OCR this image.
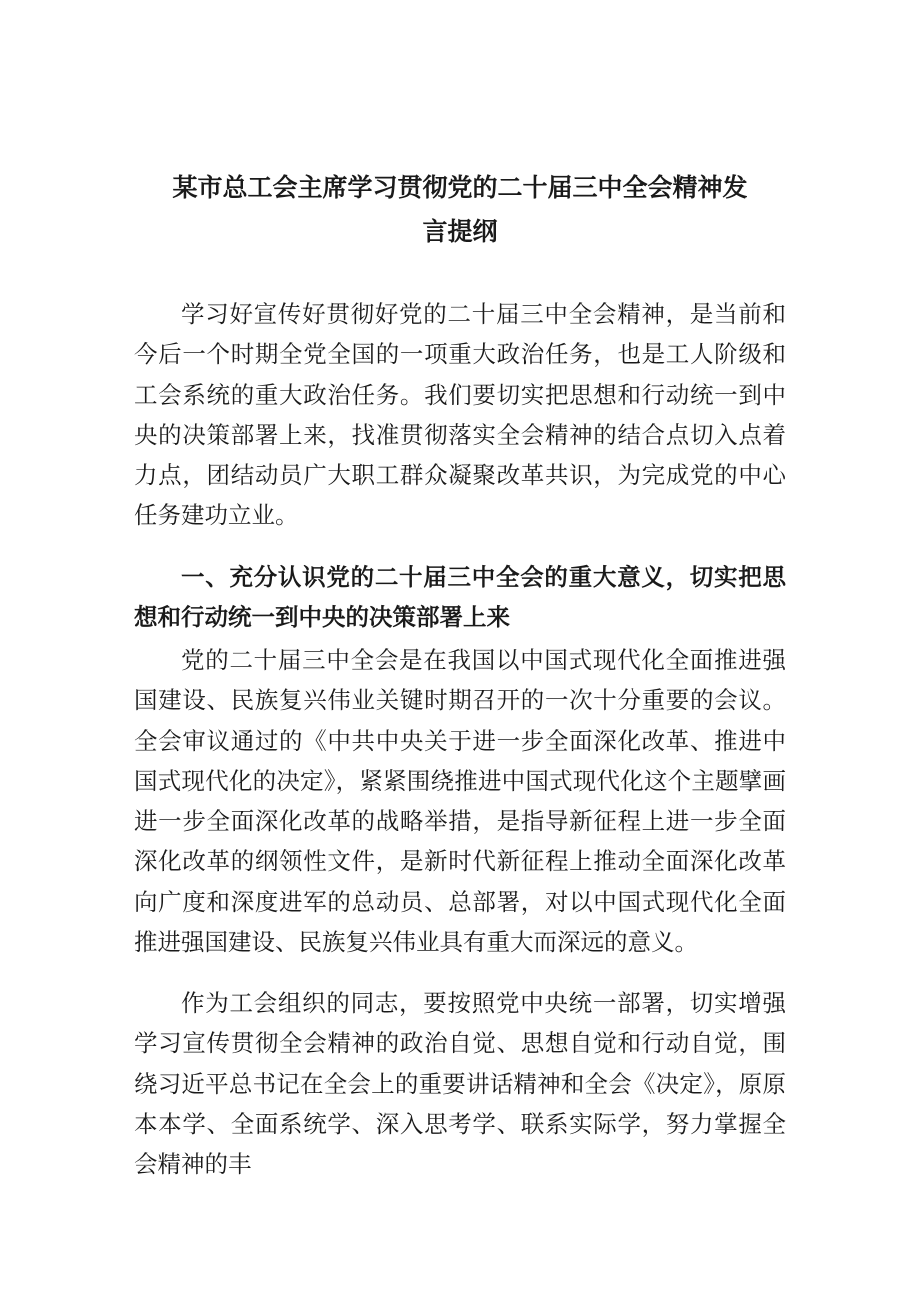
某市总工会主席学习贯彻党的二十届三中全会精神发
言提纲

学习好宣传好贯彻好党的二十届三中全会精神，是当前和今后一个时期全党全国的一项重大政治任务，也是工人阶级和工会系统的重大政治任务。我们要切实把思想和行动统一到中央的决策部署上来，找准贯彻落实全会精神的结合点切入点着力点，团结动员广大职工群众凝聚改革共识，为完成党的中心任务建功立业。

一、充分认识党的二十届三中全会的重大意义，切实把思想和行动统一到中央的决策部署上来

党的二十届三中全会是在我国以中国式现代化全面推进强国建设、民族复兴伟业关键时期召开的一次十分重要的会议。全会审议通过的《中共中央关于进一步全面深化改革、推进中国式现代化的决定》，紧紧围绕推进中国式现代化这个主题擘画进一步全面深化改革的战略举措，是指导新征程上进一步全面深化改革的纲领性文件，是新时代新征程上推动全面深化改革向广度和深度进军的总动员、总部署，对以中国式现代化全面推进强国建设、民族复兴伟业具有重大而深远的意义。

作为工会组织的同志，要按照党中央统一部署，切实增强学习宣传贯彻全会精神的政治自觉、思想自觉和行动自觉，围绕习近平总书记在全会上的重要讲话精神和全会《决定》，原原本本学、全面系统学、深入思考学、联系实际学，努力掌握全会精神的丰
